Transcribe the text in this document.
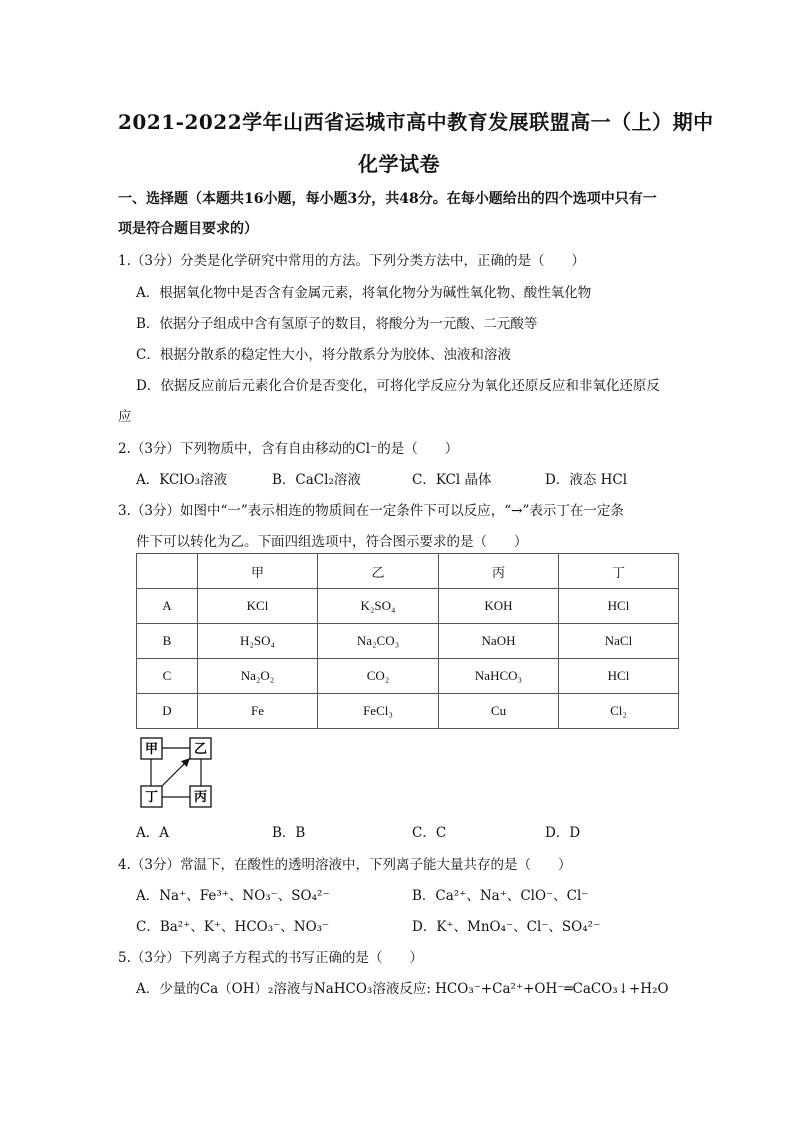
2021-2022学年山西省运城市高中教育发展联盟高一（上）期中
化学试卷
一、选择题（本题共16小题，每小题3分，共48分。在每小题给出的四个选项中只有一
项是符合题目要求的）
1.（3分）分类是化学研究中常用的方法。下列分类方法中，正确的是（　　）
A．根据氧化物中是否含有金属元素，将氧化物分为碱性氧化物、酸性氧化物
B．依据分子组成中含有氢原子的数目，将酸分为一元酸、二元酸等
C．根据分散系的稳定性大小，将分散系分为胶体、浊液和溶液
D．依据反应前后元素化合价是否变化，可将化学反应分为氧化还原反应和非氧化还原反
应
2.（3分）下列物质中，含有自由移动的Cl⁻的是（　　）
A．KClO₃溶液	B．CaCl₂溶液	C．KCl 晶体	D．液态 HCl
3.（3分）如图中“一”表示相连的物质间在一定条件下可以反应，“→”表示丁在一定条
件下可以转化为乙。下面四组选项中，符合图示要求的是（　　）
	甲	乙	丙	丁
A	KCl	K₂SO₄	KOH	HCl
B	H₂SO₄	Na₂CO₃	NaOH	NaCl
C	Na₂O₂	CO₂	NaHCO₃	HCl
D	Fe	FeCl₃	Cu	Cl₂
甲	乙
丁	丙
A．A	B．B	C．C	D．D
4.（3分）常温下，在酸性的透明溶液中，下列离子能大量共存的是（　　）
A．Na⁺、Fe³⁺、NO₃⁻、SO₄²⁻	B．Ca²⁺、Na⁺、ClO⁻、Cl⁻
C．Ba²⁺、K⁺、HCO₃⁻、NO₃⁻	D．K⁺、MnO₄⁻、Cl⁻、SO₄²⁻
5.（3分）下列离子方程式的书写正确的是（　　）
A．少量的Ca（OH）₂溶液与NaHCO₃溶液反应: HCO₃⁻+Ca²⁺+OH⁻═CaCO₃↓+H₂O
